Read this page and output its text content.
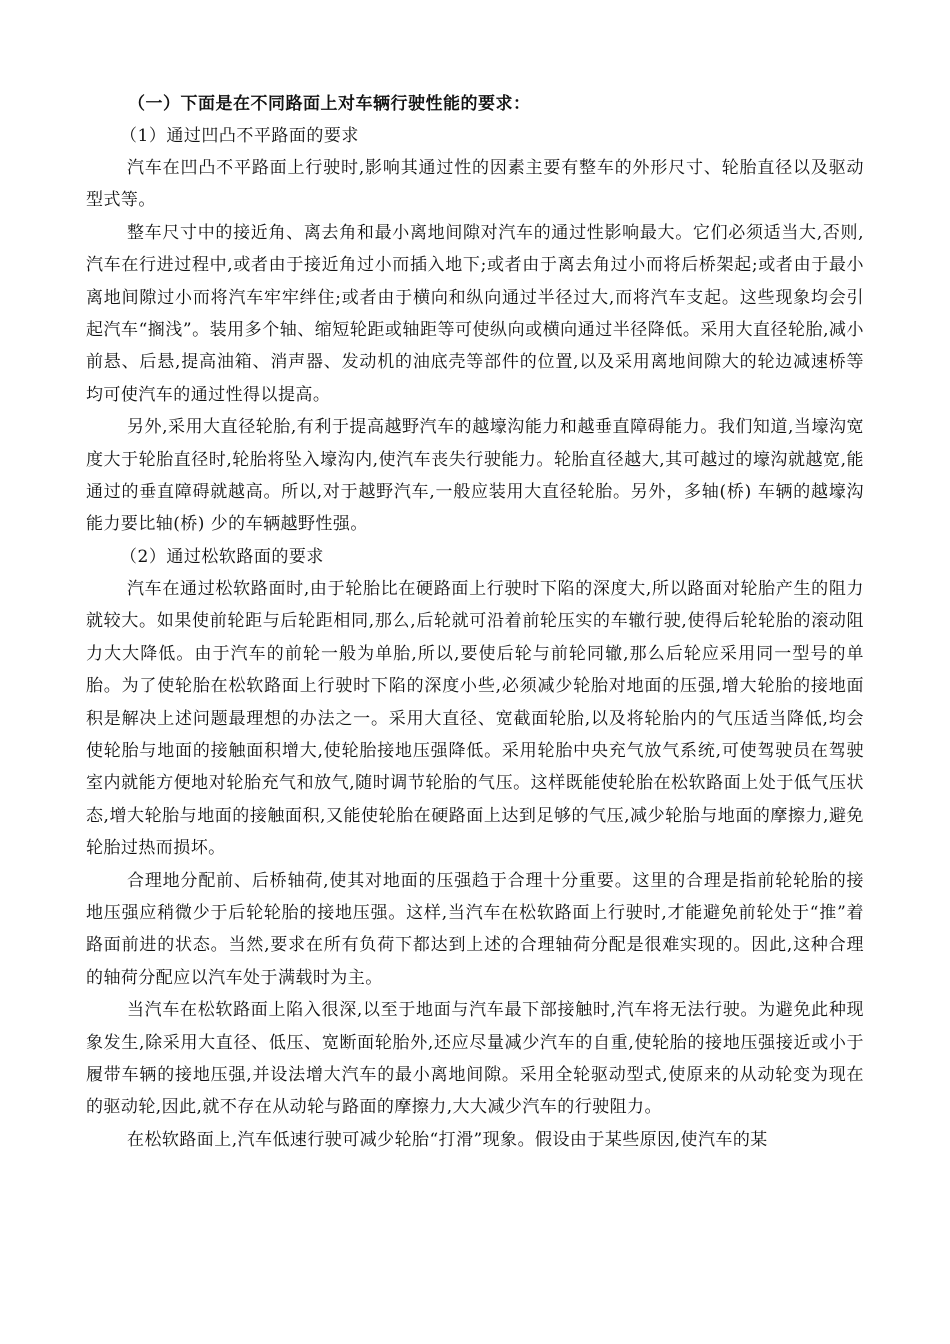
（一）下面是在不同路面上对车辆行驶性能的要求：

（1）通过凹凸不平路面的要求

汽车在凹凸不平路面上行驶时,影响其通过性的因素主要有整车的外形尺寸、轮胎直径以及驱动型式等。

整车尺寸中的接近角、离去角和最小离地间隙对汽车的通过性影响最大。它们必须适当大,否则,汽车在行进过程中,或者由于接近角过小而插入地下;或者由于离去角过小而将后桥架起;或者由于最小离地间隙过小而将汽车牢牢绊住;或者由于横向和纵向通过半径过大,而将汽车支起。这些现象均会引起汽车“搁浅”。装用多个轴、缩短轮距或轴距等可使纵向或横向通过半径降低。采用大直径轮胎,减小前悬、后悬,提高油箱、消声器、发动机的油底壳等部件的位置,以及采用离地间隙大的轮边减速桥等均可使汽车的通过性得以提高。

另外,采用大直径轮胎,有利于提高越野汽车的越壕沟能力和越垂直障碍能力。我们知道,当壕沟宽度大于轮胎直径时,轮胎将坠入壕沟内,使汽车丧失行驶能力。轮胎直径越大,其可越过的壕沟就越宽,能通过的垂直障碍就越高。所以,对于越野汽车,一般应装用大直径轮胎。另外，多轴(桥) 车辆的越壕沟能力要比轴(桥) 少的车辆越野性强。

（2）通过松软路面的要求

汽车在通过松软路面时,由于轮胎比在硬路面上行驶时下陷的深度大,所以路面对轮胎产生的阻力就较大。如果使前轮距与后轮距相同,那么,后轮就可沿着前轮压实的车辙行驶,使得后轮轮胎的滚动阻力大大降低。由于汽车的前轮一般为单胎,所以,要使后轮与前轮同辙,那么后轮应采用同一型号的单胎。为了使轮胎在松软路面上行驶时下陷的深度小些,必须减少轮胎对地面的压强,增大轮胎的接地面积是解决上述问题最理想的办法之一。采用大直径、宽截面轮胎,以及将轮胎内的气压适当降低,均会使轮胎与地面的接触面积增大,使轮胎接地压强降低。采用轮胎中央充气放气系统,可使驾驶员在驾驶室内就能方便地对轮胎充气和放气,随时调节轮胎的气压。这样既能使轮胎在松软路面上处于低气压状态,增大轮胎与地面的接触面积,又能使轮胎在硬路面上达到足够的气压,减少轮胎与地面的摩擦力,避免轮胎过热而损坏。

合理地分配前、后桥轴荷,使其对地面的压强趋于合理十分重要。这里的合理是指前轮轮胎的接地压强应稍微少于后轮轮胎的接地压强。这样,当汽车在松软路面上行驶时,才能避免前轮处于“推”着路面前进的状态。当然,要求在所有负荷下都达到上述的合理轴荷分配是很难实现的。因此,这种合理的轴荷分配应以汽车处于满载时为主。

当汽车在松软路面上陷入很深,以至于地面与汽车最下部接触时,汽车将无法行驶。为避免此种现象发生,除采用大直径、低压、宽断面轮胎外,还应尽量减少汽车的自重,使轮胎的接地压强接近或小于履带车辆的接地压强,并设法增大汽车的最小离地间隙。采用全轮驱动型式,使原来的从动轮变为现在的驱动轮,因此,就不存在从动轮与路面的摩擦力,大大减少汽车的行驶阻力。

在松软路面上,汽车低速行驶可减少轮胎“打滑”现象。假设由于某些原因,使汽车的某
